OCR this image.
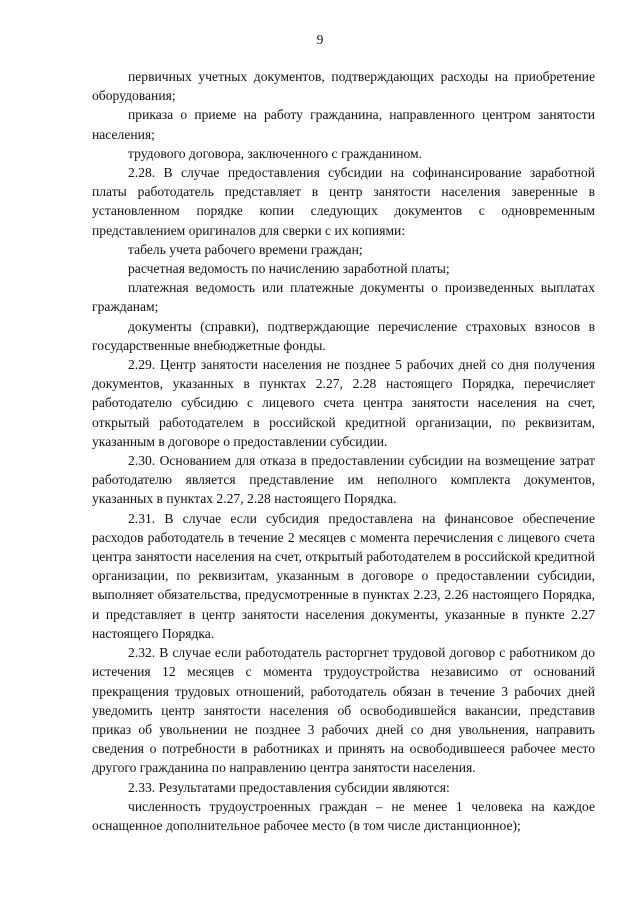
9

первичных учетных документов, подтверждающих расходы на приобретение оборудования;

приказа о приеме на работу гражданина, направленного центром занятости населения;

трудового договора, заключенного с гражданином.

2.28. В случае предоставления субсидии на софинансирование заработной платы работодатель представляет в центр занятости населения заверенные в установленном порядке копии следующих документов с одновременным представлением оригиналов для сверки с их копиями:

табель учета рабочего времени граждан;

расчетная ведомость по начислению заработной платы;

платежная ведомость или платежные документы о произведенных выплатах гражданам;

документы (справки), подтверждающие перечисление страховых взносов в государственные внебюджетные фонды.

2.29. Центр занятости населения не позднее 5 рабочих дней со дня получения документов, указанных в пунктах 2.27, 2.28 настоящего Порядка, перечисляет работодателю субсидию с лицевого счета центра занятости населения на счет, открытый работодателем в российской кредитной организации, по реквизитам, указанным в договоре о предоставлении субсидии.

2.30. Основанием для отказа в предоставлении субсидии на возмещение затрат работодателю является представление им неполного комплекта документов, указанных в пунктах 2.27, 2.28 настоящего Порядка.

2.31. В случае если субсидия предоставлена на финансовое обеспечение расходов работодатель в течение 2 месяцев с момента перечисления с лицевого счета центра занятости населения на счет, открытый работодателем в российской кредитной организации, по реквизитам, указанным в договоре о предоставлении субсидии, выполняет обязательства, предусмотренные в пунктах 2.23, 2.26 настоящего Порядка, и представляет в центр занятости населения документы, указанные в пункте 2.27 настоящего Порядка.

2.32. В случае если работодатель расторгнет трудовой договор с работником до истечения 12 месяцев с момента трудоустройства независимо от оснований прекращения трудовых отношений, работодатель обязан в течение 3 рабочих дней уведомить центр занятости населения об освободившейся вакансии, представив приказ об увольнении не позднее 3 рабочих дней со дня увольнения, направить сведения о потребности в работниках и принять на освободившееся рабочее место другого гражданина по направлению центра занятости населения.

2.33. Результатами предоставления субсидии являются:

численность трудоустроенных граждан – не менее 1 человека на каждое оснащенное дополнительное рабочее место (в том числе дистанционное);
